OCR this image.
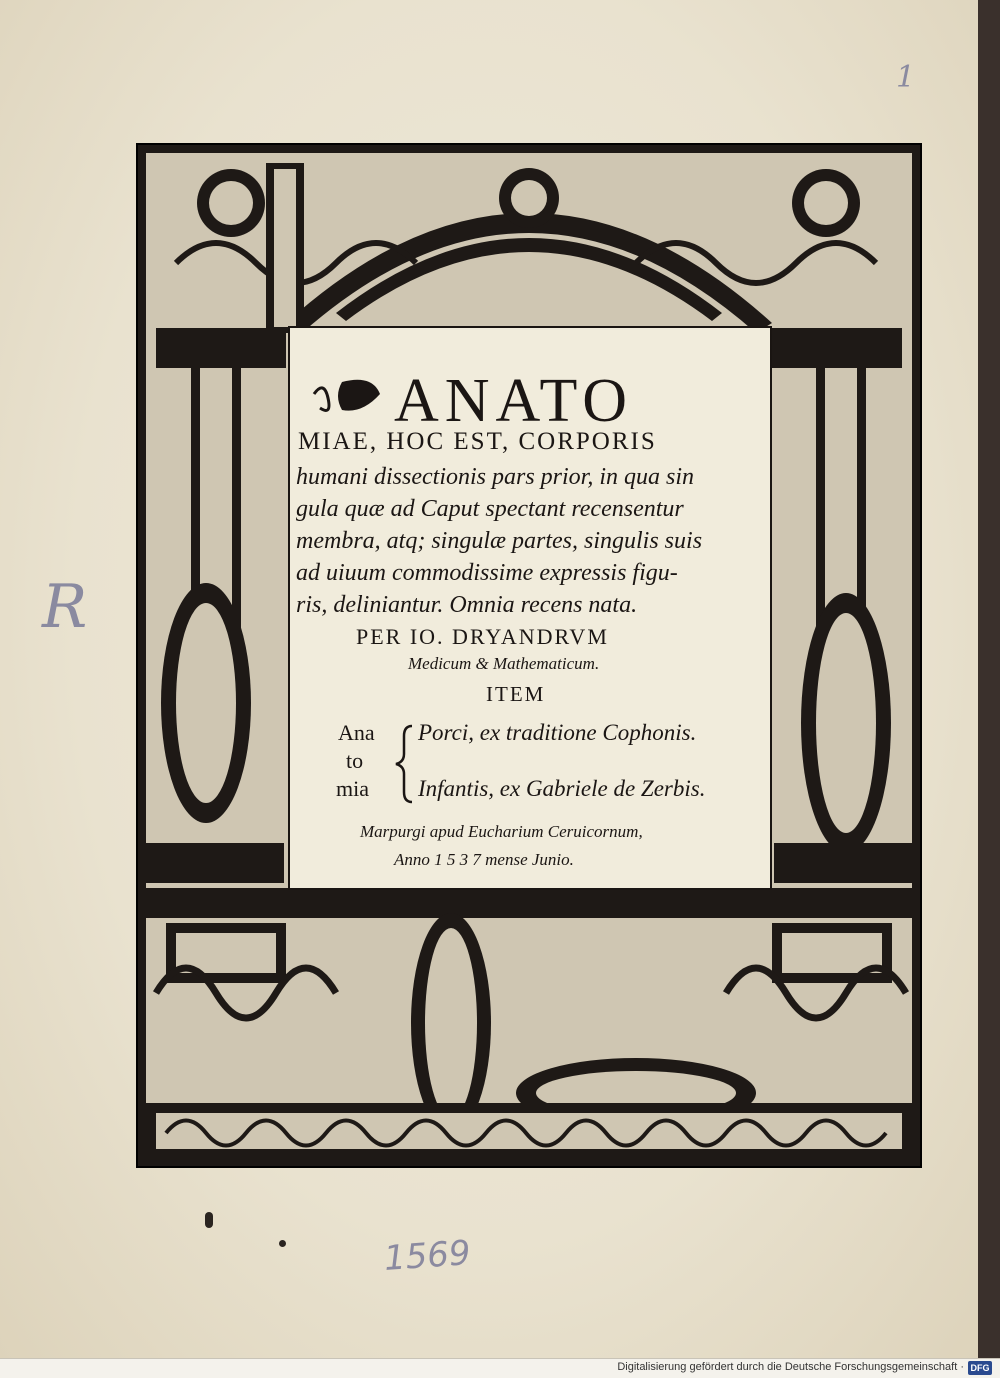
ANATO
MIAE, HOC EST, CORPORIS
humani dissectionis pars prior, in qua sin
gula quæ ad Caput spectant recensentur
membra, atq; singulæ partes, singulis suis
ad uiuum commodissime expressis figu-
ris, deliniantur. Omnia recens nata.
PER IO. DRYANDRVM
Medicum & Mathematicum.
ITEM
Ana
to
mia
Porci, ex traditione Cophonis.
Infantis, ex Gabriele de Zerbis.
Marpurgi apud Eucharium Ceruicornum,
Anno 1 5 3 7 mense Junio.
1
R
1569
Digitalisierung gefördert durch die Deutsche Forschungsgemeinschaft · DFG
